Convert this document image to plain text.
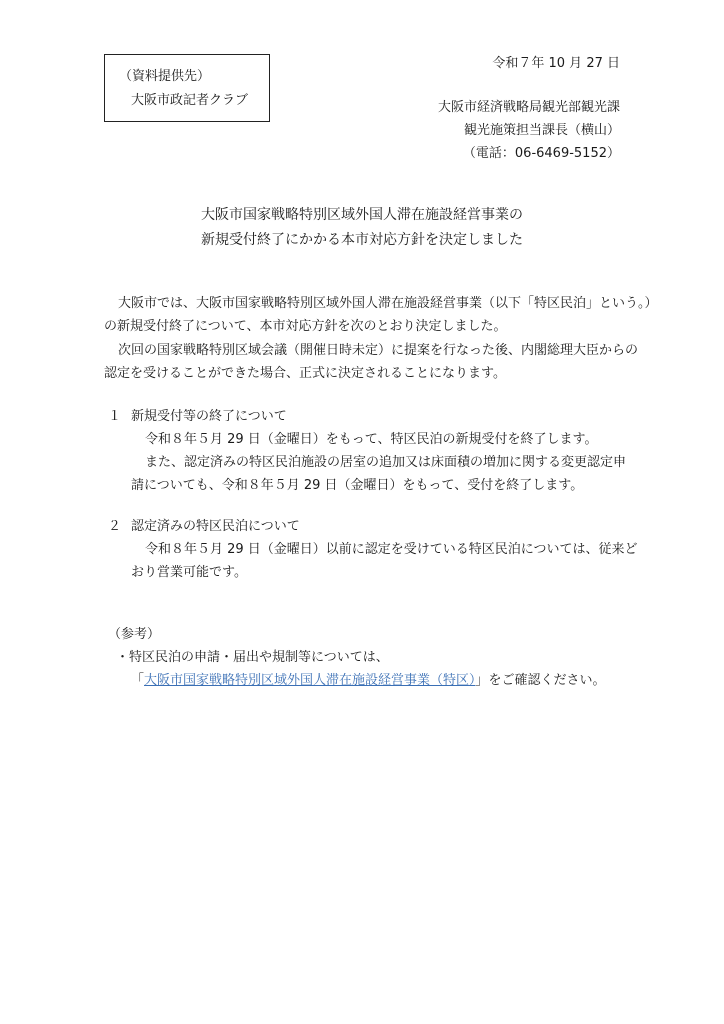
（資料提供先）
大阪市政記者クラブ
令和７年 10 月 27 日
大阪市経済戦略局観光部観光課
観光施策担当課長（横山）
（電話：06-6469-5152）
大阪市国家戦略特別区域外国人滞在施設経営事業の
新規受付終了にかかる本市対応方針を決定しました
大阪市では、大阪市国家戦略特別区域外国人滞在施設経営事業（以下「特区民泊」という。）
の新規受付終了について、本市対応方針を次のとおり決定しました。
次回の国家戦略特別区域会議（開催日時未定）に提案を行なった後、内閣総理大臣からの
認定を受けることができた場合、正式に決定されることになります。
１ 新規受付等の終了について
令和８年５月 29 日（金曜日）をもって、特区民泊の新規受付を終了します。
また、認定済みの特区民泊施設の居室の追加又は床面積の増加に関する変更認定申
請についても、令和８年５月 29 日（金曜日）をもって、受付を終了します。
２ 認定済みの特区民泊について
令和８年５月 29 日（金曜日）以前に認定を受けている特区民泊については、従来ど
おり営業可能です。
（参考）
・特区民泊の申請・届出や規制等については、
「大阪市国家戦略特別区域外国人滞在施設経営事業（特区）」をご確認ください。
